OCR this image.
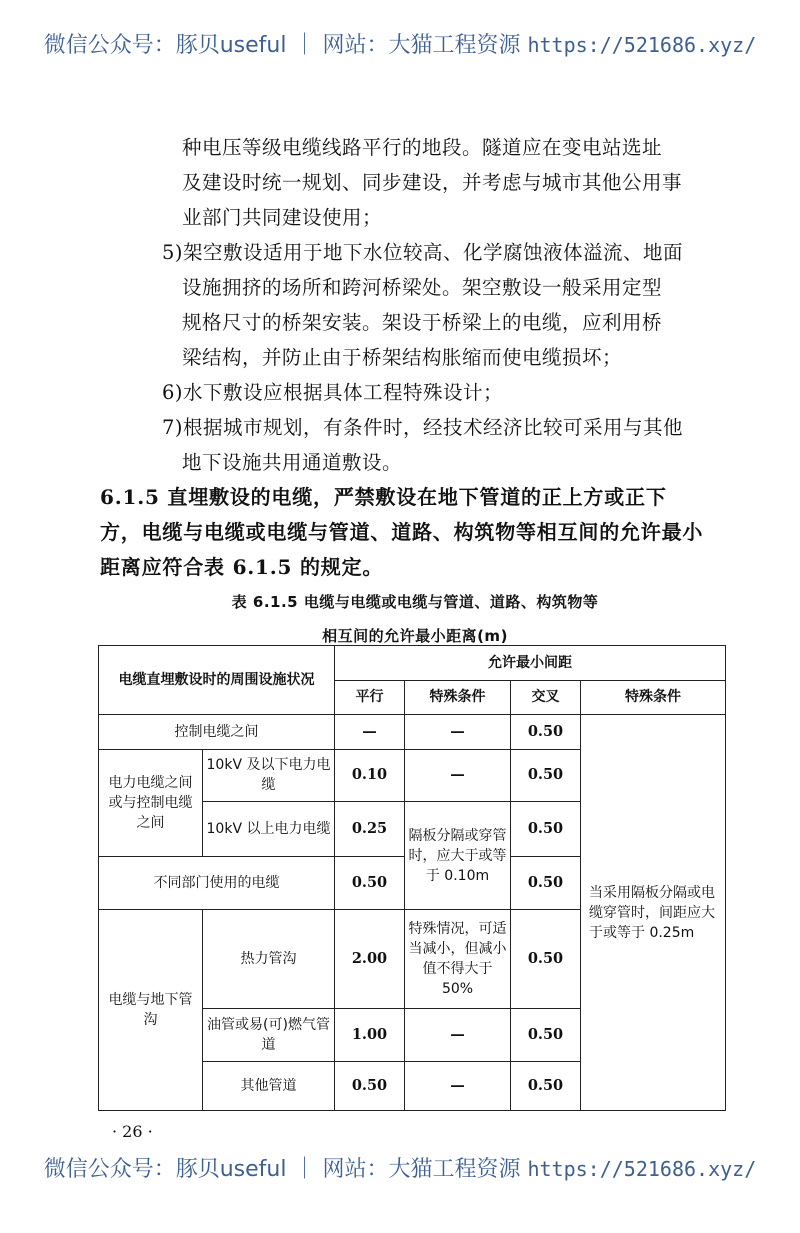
微信公众号：豚贝useful ｜ 网站：大猫工程资源 https://521686.xyz/

种电压等级电缆线路平行的地段。隧道应在变电站选址

及建设时统一规划、同步建设，并考虑与城市其他公用事

业部门共同建设使用；

5)架空敷设适用于地下水位较高、化学腐蚀液体溢流、地面

设施拥挤的场所和跨河桥梁处。架空敷设一般采用定型

规格尺寸的桥架安装。架设于桥梁上的电缆，应利用桥

梁结构，并防止由于桥架结构胀缩而使电缆损坏；

6)水下敷设应根据具体工程特殊设计；

7)根据城市规划，有条件时，经技术经济比较可采用与其他

地下设施共用通道敷设。

6.1.5 直埋敷设的电缆，严禁敷设在地下管道的正上方或正下

方，电缆与电缆或电缆与管道、道路、构筑物等相互间的允许最小

距离应符合表 6.1.5 的规定。

表 6.1.5 电缆与电缆或电缆与管道、道路、构筑物等

相互间的允许最小距离(m)

电缆直埋敷设时的周围设施状况		允许最小间距			
		平行	特殊条件	交叉	特殊条件
控制电缆之间		—	—	0.50	当采用隔板分隔或电缆穿管时，间距应大于或等于 0.25m
电力电缆之间或与控制电缆之间	10kV 及以下电力电缆	0.10	—	0.50	
	10kV 以上电力电缆	0.25	隔板分隔或穿管时，应大于或等于 0.10m	0.50	
不同部门使用的电缆		0.50		0.50	
电缆与地下管沟	热力管沟	2.00	特殊情况，可适当减小，但减小值不得大于 50%	0.50	
	油管或易(可)燃气管道	1.00	—	0.50	
	其他管道	0.50	—	0.50	
· 26 ·
微信公众号：豚贝useful ｜ 网站：大猫工程资源 https://521686.xyz/
